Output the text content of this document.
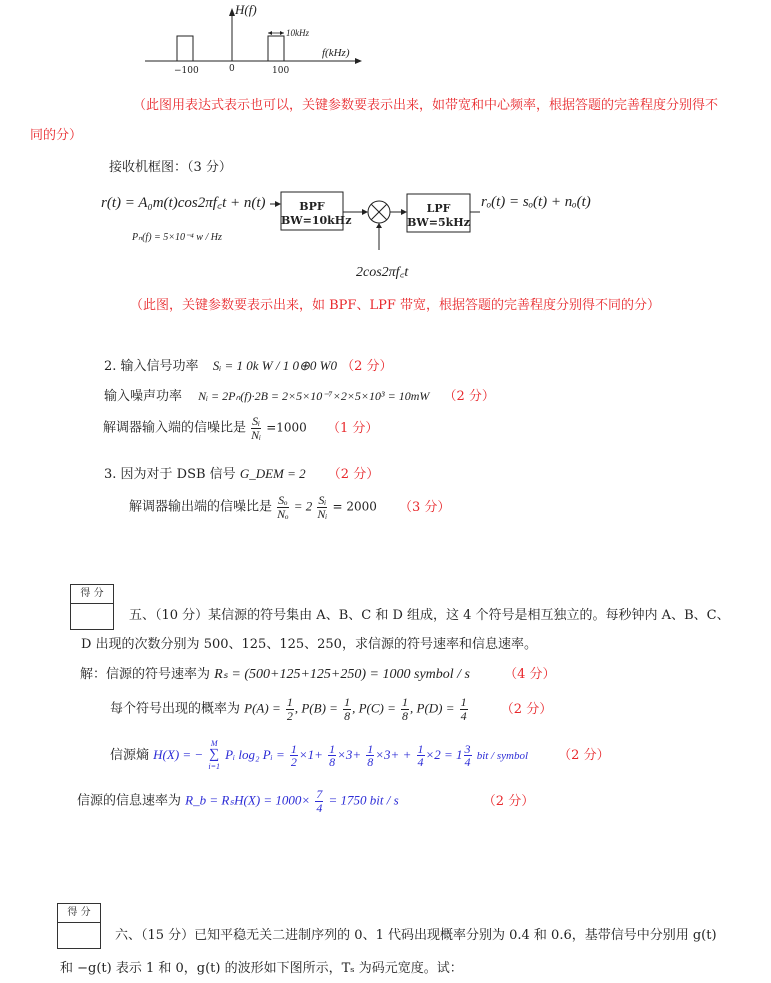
H(f)
f(kHz)
−100	0	100
10kHz
（此图用表达式表示也可以，关键参数要表示出来，如带宽和中心频率，根据答题的完善程度分别得不
同的分）
接收机框图：（3 分）
r(t) = A₀m(t)cos2πf꜀t + n(t)
Pₙ(f) = 5×10⁻⁴ w / Hz
BPF
BW=10kHz
LPF
BW=5kHz
rₒ(t) = sₒ(t) + nₒ(t)
2cos2πf꜀t
（此图，关键参数要表示出来，如 BPF、LPF 带宽，根据答题的完善程度分别得不同的分）
2. 输入信号功率 Sᵢ = 1 0k W / 1 0⊕0 W0 （2 分）
输入噪声功率 Nᵢ = 2Pₙ(f)·2B = 2×5×10⁻⁷×2×5×10³ = 10mW （2 分）
解调器输入端的信噪比是 $\frac{\text{Sᵢ}}{\text{Nᵢ}} =1000$ （1 分）
3. 因为对于 DSB 信号 G_DEM = 2 （2 分）
解调器输出端的信噪比是 $\frac{\text{Sₒ}}{\text{Nₒ}} = 2 \frac{\text{Sᵢ}}{\text{Nᵢ}} = 2000$ （3 分）
得 分
五、（10 分）某信源的符号集由 A、B、C 和 D 组成，这 4 个符号是相互独立的。每秒钟内 A、B、C、
D 出现的次数分别为 500、125、125、250，求信源的符号速率和信息速率。
解：信源的符号速率为 Rₛ = (500+125+125+250) = 1000 symbol / s	（4 分）
每个符号出现的概率为 $P(A) = \frac{1}{2}$ , $P(B) = \frac{1}{8}$ , $P(C) = \frac{1}{8}$ , $P(D) = \frac{1}{4}$	（2 分）
信源熵 H(X) = −
M
∑
i=1
Pᵢ log₂ Pᵢ = $\frac{1}{2} \times 1+ \frac{1}{8} \times 3+ \frac{1}{8} \times 3+ + \frac{1}{4} \times 2 = 1 \frac{3}{4}$ bit / symbol （2 分）
信源的信息速率为 R_b = $R_sH(X) = 1000\times \frac{7}{4} = 1750$ bit / s	（2 分）
得 分
六、（15 分）已知平稳无关二进制序列的 0、1 代码出现概率分别为 0.4 和 0.6，基带信号中分别用 g(t)
和 −g(t) 表示 1 和 0，g(t) 的波形如下图所示，Tₛ 为码元宽度。试：
